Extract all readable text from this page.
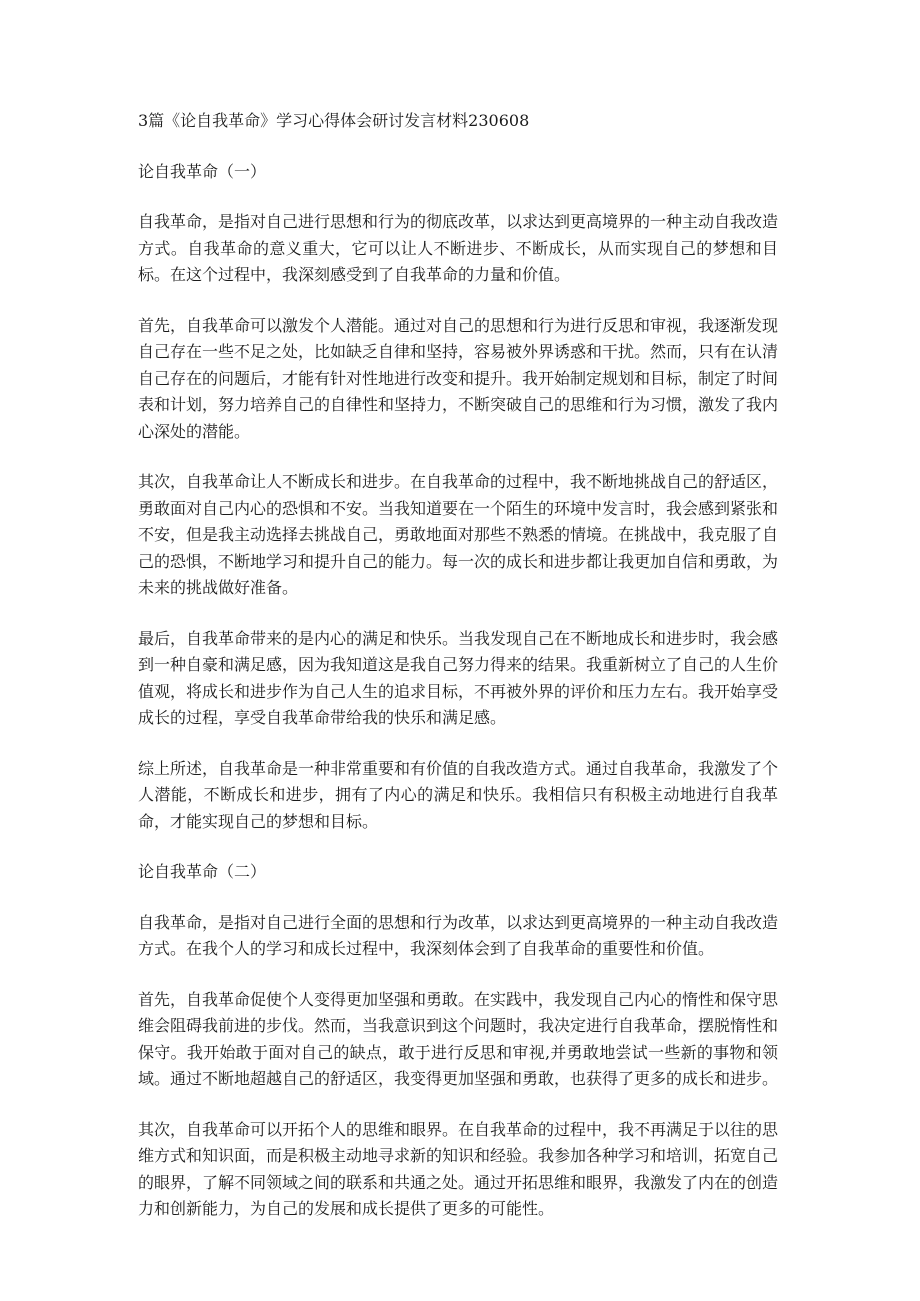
3篇《论自我革命》学习心得体会研讨发言材料230608
论自我革命（一）

自我革命，是指对自己进行思想和行为的彻底改革，以求达到更高境界的一种主动自我改造方式。自我革命的意义重大，它可以让人不断进步、不断成长，从而实现自己的梦想和目标。在这个过程中，我深刻感受到了自我革命的力量和价值。

首先，自我革命可以激发个人潜能。通过对自己的思想和行为进行反思和审视，我逐渐发现自己存在一些不足之处，比如缺乏自律和坚持，容易被外界诱惑和干扰。然而，只有在认清自己存在的问题后，才能有针对性地进行改变和提升。我开始制定规划和目标，制定了时间表和计划，努力培养自己的自律性和坚持力，不断突破自己的思维和行为习惯，激发了我内心深处的潜能。

其次，自我革命让人不断成长和进步。在自我革命的过程中，我不断地挑战自己的舒适区，勇敢面对自己内心的恐惧和不安。当我知道要在一个陌生的环境中发言时，我会感到紧张和不安，但是我主动选择去挑战自己，勇敢地面对那些不熟悉的情境。在挑战中，我克服了自己的恐惧，不断地学习和提升自己的能力。每一次的成长和进步都让我更加自信和勇敢，为未来的挑战做好准备。

最后，自我革命带来的是内心的满足和快乐。当我发现自己在不断地成长和进步时，我会感到一种自豪和满足感，因为我知道这是我自己努力得来的结果。我重新树立了自己的人生价值观，将成长和进步作为自己人生的追求目标，不再被外界的评价和压力左右。我开始享受成长的过程，享受自我革命带给我的快乐和满足感。

综上所述，自我革命是一种非常重要和有价值的自我改造方式。通过自我革命，我激发了个人潜能，不断成长和进步，拥有了内心的满足和快乐。我相信只有积极主动地进行自我革命，才能实现自己的梦想和目标。

论自我革命（二）

自我革命，是指对自己进行全面的思想和行为改革，以求达到更高境界的一种主动自我改造方式。在我个人的学习和成长过程中，我深刻体会到了自我革命的重要性和价值。

首先，自我革命促使个人变得更加坚强和勇敢。在实践中，我发现自己内心的惰性和保守思维会阻碍我前进的步伐。然而，当我意识到这个问题时，我决定进行自我革命，摆脱惰性和保守。我开始敢于面对自己的缺点，敢于进行反思和审视,并勇敢地尝试一些新的事物和领域。通过不断地超越自己的舒适区，我变得更加坚强和勇敢，也获得了更多的成长和进步。

其次，自我革命可以开拓个人的思维和眼界。在自我革命的过程中，我不再满足于以往的思维方式和知识面，而是积极主动地寻求新的知识和经验。我参加各种学习和培训，拓宽自己的眼界，了解不同领域之间的联系和共通之处。通过开拓思维和眼界，我激发了内在的创造力和创新能力，为自己的发展和成长提供了更多的可能性。
